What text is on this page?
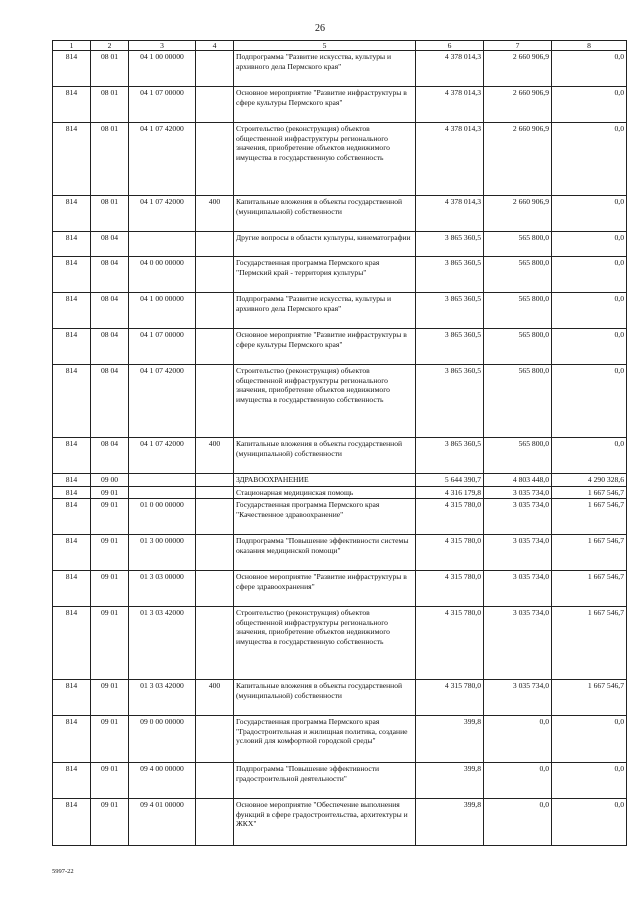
26
1	2	3	4	5	6	7	8
814	08 01	04 1 00 00000		Подпрограмма "Развитие искусства, культуры и архивного дела Пермского края"	4 378 014,3	2 660 906,9	0,0
814	08 01	04 1 07 00000		Основное мероприятие "Развитие инфраструктуры в сфере культуры Пермского края"	4 378 014,3	2 660 906,9	0,0
814	08 01	04 1 07 42000		Строительство (реконструкция) объектов общественной инфраструктуры регионального значения, приобретение объектов недвижимого имущества в государственную собственность	4 378 014,3	2 660 906,9	0,0
814	08 01	04 1 07 42000	400	Капитальные вложения в объекты государственной (муниципальной) собственности	4 378 014,3	2 660 906,9	0,0
814	08 04			Другие вопросы в области культуры, кинематографии	3 865 360,5	565 800,0	0,0
814	08 04	04 0 00 00000		Государственная программа Пермского края "Пермский край - территория культуры"	3 865 360,5	565 800,0	0,0
814	08 04	04 1 00 00000		Подпрограмма "Развитие искусства, культуры и архивного дела Пермского края"	3 865 360,5	565 800,0	0,0
814	08 04	04 1 07 00000		Основное мероприятие "Развитие инфраструктуры в сфере культуры Пермского края"	3 865 360,5	565 800,0	0,0
814	08 04	04 1 07 42000		Строительство (реконструкция) объектов общественной инфраструктуры регионального значения, приобретение объектов недвижимого имущества в государственную собственность	3 865 360,5	565 800,0	0,0
814	08 04	04 1 07 42000	400	Капитальные вложения в объекты государственной (муниципальной) собственности	3 865 360,5	565 800,0	0,0
814	09 00			ЗДРАВООХРАНЕНИЕ	5 644 390,7	4 803 448,0	4 290 328,6
814	09 01			Стационарная медицинская помощь	4 316 179,8	3 035 734,0	1 667 546,7
814	09 01	01 0 00 00000		Государственная программа Пермского края "Качественное здравоохранение"	4 315 780,0	3 035 734,0	1 667 546,7
814	09 01	01 3 00 00000		Подпрограмма "Повышение эффективности системы оказания медицинской помощи"	4 315 780,0	3 035 734,0	1 667 546,7
814	09 01	01 3 03 00000		Основное мероприятие "Развитие инфраструктуры в сфере здравоохранения"	4 315 780,0	3 035 734,0	1 667 546,7
814	09 01	01 3 03 42000		Строительство (реконструкция) объектов общественной инфраструктуры регионального значения, приобретение объектов недвижимого имущества в государственную собственность	4 315 780,0	3 035 734,0	1 667 546,7
814	09 01	01 3 03 42000	400	Капитальные вложения в объекты государственной (муниципальной) собственности	4 315 780,0	3 035 734,0	1 667 546,7
814	09 01	09 0 00 00000		Государственная программа Пермского края "Градостроительная и жилищная политика, создание условий для комфортной городской среды"	399,8	0,0	0,0
814	09 01	09 4 00 00000		Подпрограмма "Повышение эффективности градостроительной деятельности"	399,8	0,0	0,0
814	09 01	09 4 01 00000		Основное мероприятие "Обеспечение выполнения функций в сфере градостроительства, архитектуры и ЖКХ"	399,8	0,0	0,0
5997-22
